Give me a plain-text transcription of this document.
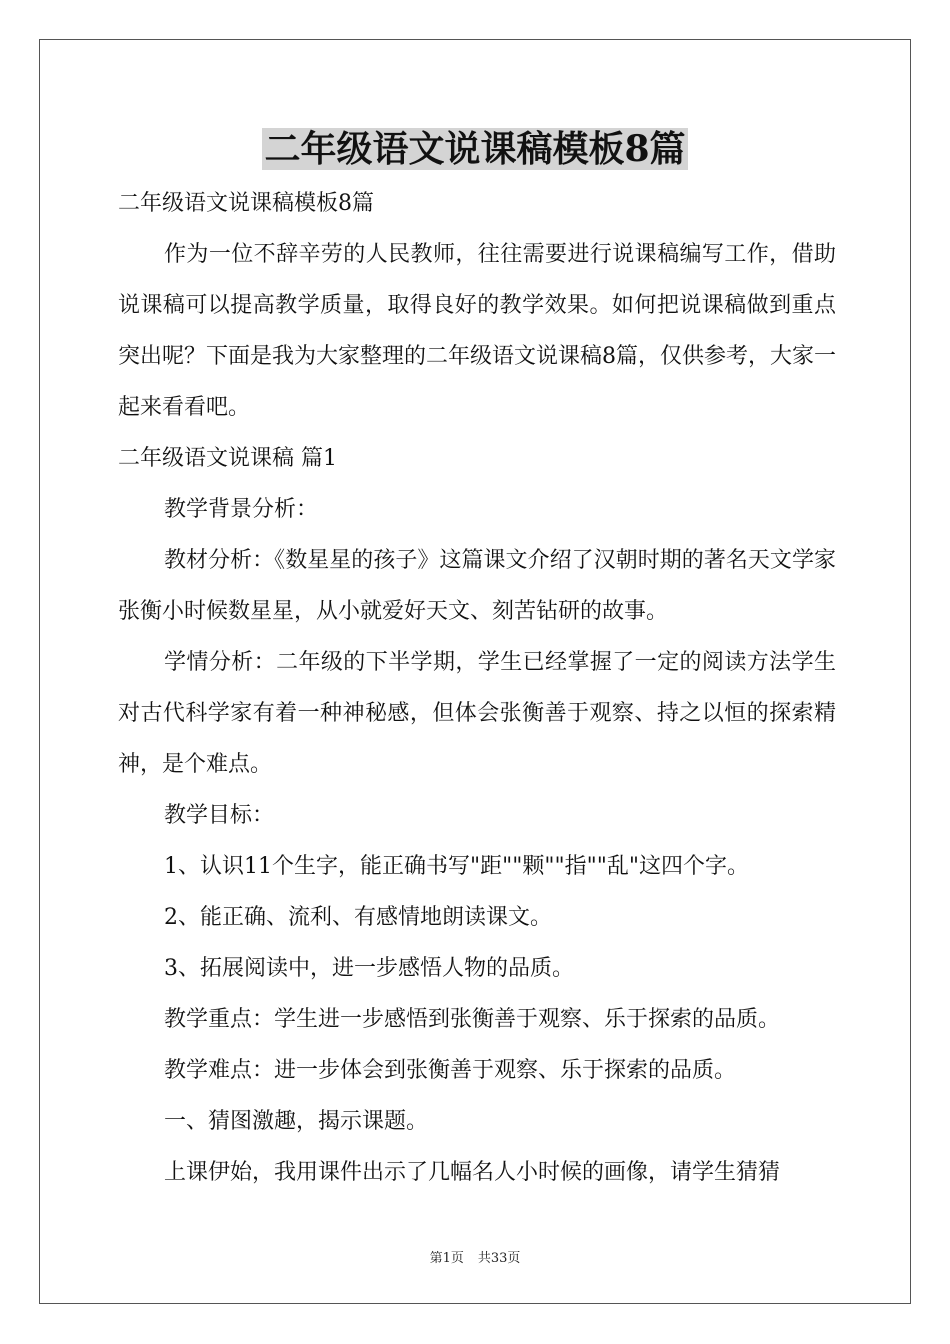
二年级语文说课稿模板8篇

二年级语文说课稿模板8篇

作为一位不辞辛劳的人民教师，往往需要进行说课稿编写工作，借助说课稿可以提高教学质量，取得良好的教学效果。如何把说课稿做到重点突出呢？下面是我为大家整理的二年级语文说课稿8篇，仅供参考，大家一起来看看吧。

二年级语文说课稿 篇1

教学背景分析：

教材分析：《数星星的孩子》这篇课文介绍了汉朝时期的著名天文学家张衡小时候数星星，从小就爱好天文、刻苦钻研的故事。

学情分析：二年级的下半学期，学生已经掌握了一定的阅读方法学生对古代科学家有着一种神秘感，但体会张衡善于观察、持之以恒的探索精神，是个难点。

教学目标：

1、认识11个生字，能正确书写"距""颗""指""乱"这四个字。

2、能正确、流利、有感情地朗读课文。

3、拓展阅读中，进一步感悟人物的品质。

教学重点：学生进一步感悟到张衡善于观察、乐于探索的品质。

教学难点：进一步体会到张衡善于观察、乐于探索的品质。

一、猜图激趣，揭示课题。

上课伊始，我用课件出示了几幅名人小时候的画像，请学生猜猜

第1页 共33页
